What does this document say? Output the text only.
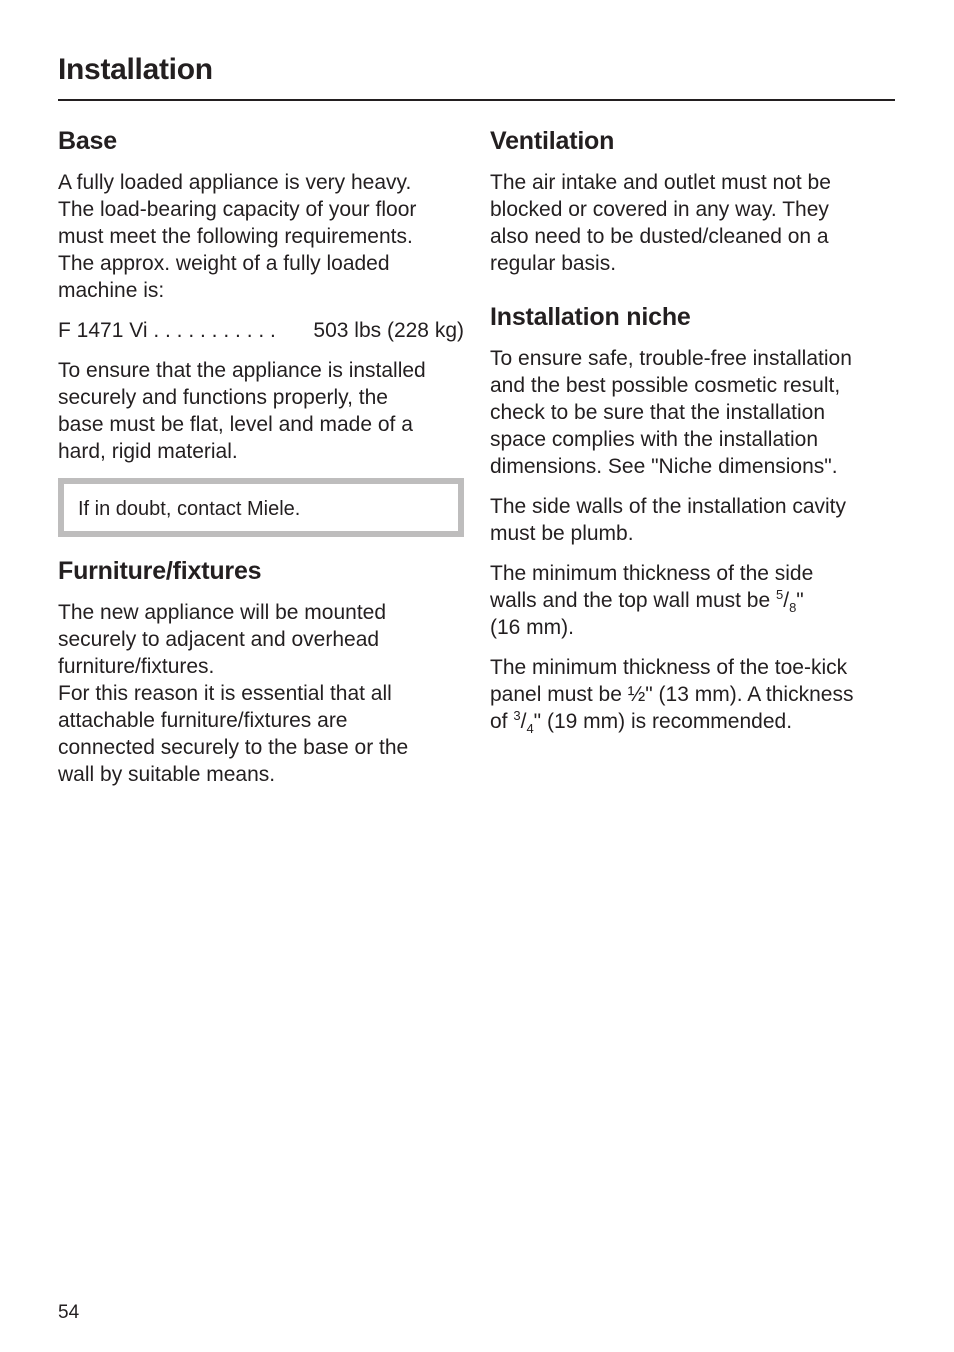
Installation
Base

A fully loaded appliance is very heavy.
The load-bearing capacity of your floor
must meet the following requirements.
The approx. weight of a fully loaded
machine is:

F 1471 Vi . . . . . . . . . . . 503 lbs (228 kg)

To ensure that the appliance is installed
securely and functions properly, the
base must be flat, level and made of a
hard, rigid material.

If in doubt, contact Miele.
Furniture/fixtures

The new appliance will be mounted
securely to adjacent and overhead
furniture/fixtures.
For this reason it is essential that all
attachable furniture/fixtures are
connected securely to the base or the
wall by suitable means.

Ventilation

The air intake and outlet must not be
blocked or covered in any way. They
also need to be dusted/cleaned on a
regular basis.

Installation niche

To ensure safe, trouble-free installation
and the best possible cosmetic result,
check to be sure that the installation
space complies with the installation
dimensions. See "Niche dimensions".

The side walls of the installation cavity
must be plumb.

The minimum thickness of the side
walls and the top wall must be $^5/_8$"
(16 mm).

The minimum thickness of the toe-kick
panel must be ½" (13 mm). A thickness
of $^3/_4$" (19 mm) is recommended.

54
